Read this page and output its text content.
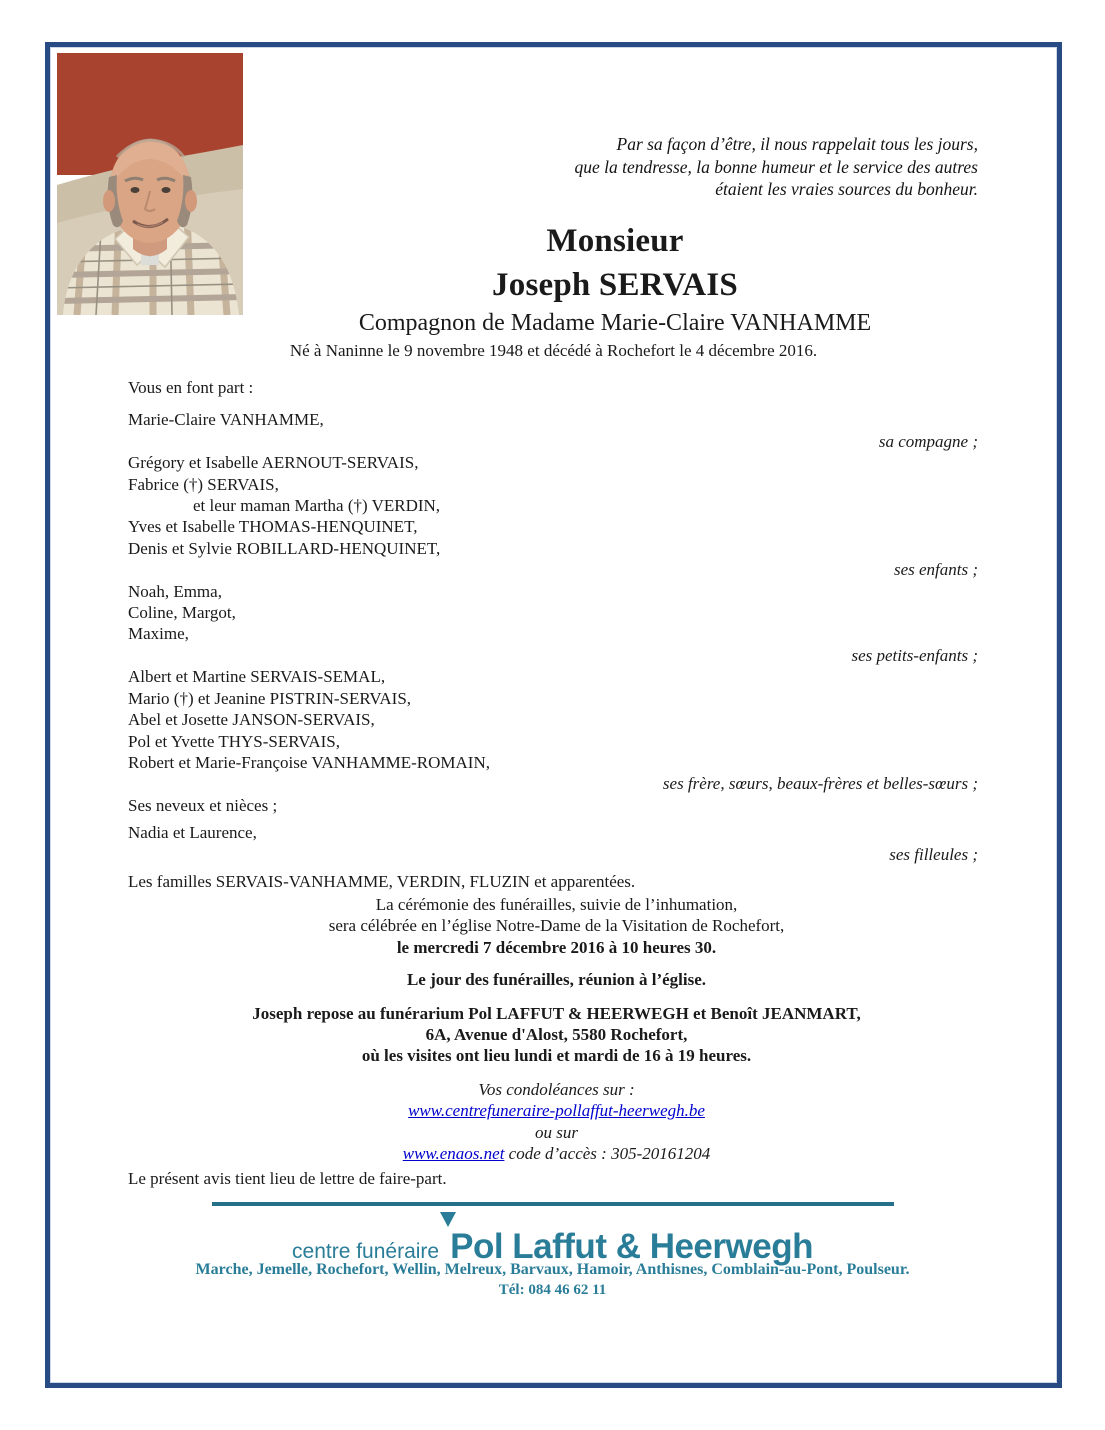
Par sa façon d’être, il nous rappelait tous les jours,
que la tendresse, la bonne humeur et le service des autres
étaient les vraies sources du bonheur.
Monsieur
Joseph SERVAIS
Compagnon de Madame Marie-Claire VANHAMME
Né à Naninne le 9 novembre 1948 et décédé à Rochefort le 4 décembre 2016.
Vous en font part :
Marie-Claire VANHAMME,
sa compagne ;
Grégory et Isabelle AERNOUT-SERVAIS,
Fabrice (†) SERVAIS,
et leur maman Martha (†) VERDIN,
Yves et Isabelle THOMAS-HENQUINET,
Denis et Sylvie ROBILLARD-HENQUINET,
ses enfants ;
Noah, Emma,
Coline, Margot,
Maxime,
ses petits-enfants ;
Albert et Martine SERVAIS-SEMAL,
Mario (†) et Jeanine PISTRIN-SERVAIS,
Abel et Josette JANSON-SERVAIS,
Pol et Yvette THYS-SERVAIS,
Robert et Marie-Françoise VANHAMME-ROMAIN,
ses frère, sœurs, beaux-frères et belles-sœurs ;
Ses neveux et nièces ;
Nadia et Laurence,
ses filleules ;
Les familles SERVAIS-VANHAMME, VERDIN, FLUZIN et apparentées.
La cérémonie des funérailles, suivie de l’inhumation,
sera célébrée en l’église Notre-Dame de la Visitation de Rochefort,
le mercredi 7 décembre 2016 à 10 heures 30.
Le jour des funérailles, réunion à l’église.
Joseph repose au funérarium Pol LAFFUT & HEERWEGH et Benoît JEANMART,
6A, Avenue d'Alost, 5580 Rochefort,
où les visites ont lieu lundi et mardi de 16 à 19 heures.
Vos condoléances sur :
www.centrefuneraire-pollaffut-heerwegh.be
ou sur
www.enaos.net code d’accès : 305-20161204
Le présent avis tient lieu de lettre de faire-part.
centre funéraire Pol Laffut & Heerwegh
Marche, Jemelle, Rochefort, Wellin, Melreux, Barvaux, Hamoir, Anthisnes, Comblain-au-Pont, Poulseur.
Tél: 084 46 62 11
